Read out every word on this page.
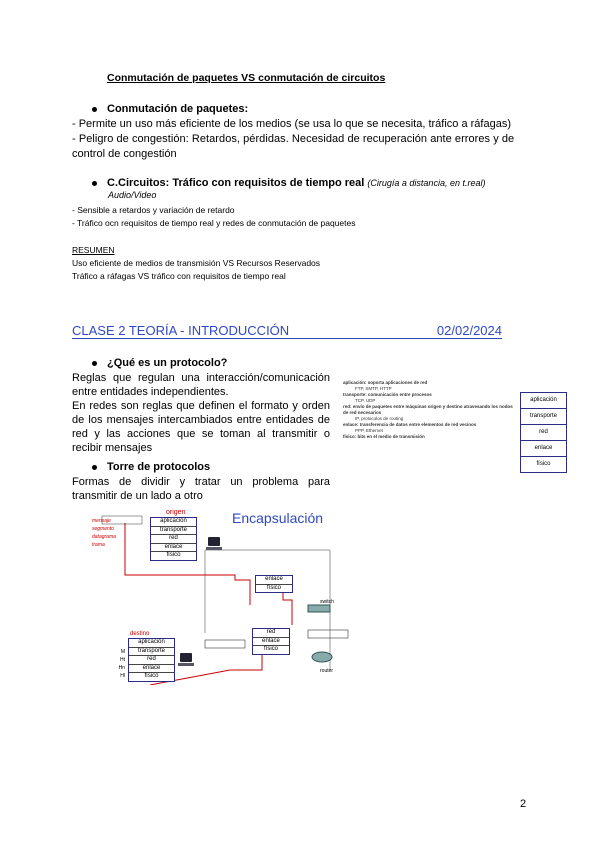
Conmutación de paquetes VS conmutación de circuitos
Conmutación de paquetes:
- Permite un uso más eficiente de los medios (se usa lo que se necesita, tráfico a ráfagas)
- Peligro de congestión: Retardos, pérdidas. Necesidad de recuperación ante errores y de
control de congestión
C.Circuitos: Tráfico con requisitos de tiempo real (Cirugía a distancia, en t.real)
Audio/Video
- Sensible a retardos y variación de retardo
- Tráfico ocn requisitos de tiempo real y redes de conmutación de paquetes
RESUMEN
Uso eficiente de medios de transmisión VS Recursos Reservados
Tráfico a ráfagas VS tráfico con requisitos de tiempo real
CLASE 2 TEORÍA - INTRODUCCIÓN	02/02/2024
¿Qué es un protocolo?
Reglas que regulan una interacción/comunicación entre entidades independientes.
En redes son reglas que definen el formato y orden de los mensajes intercambiados entre entidades de red y las acciones que se toman al transmitir o recibir mensajes
Torre de protocolos
Formas de dividir y tratar un problema para transmitir de un lado a otro
aplicación: soporta aplicaciones de red
FTP, SMTP, HTTP
transporte: comunicación entre procesos
TCP, UDP
red: envío de paquetes entre máquinas origen y destino atravesando los nodos de red necesarios
IP, protocolos de routing
enlace: transferencia de datos entre elementos de red vecinos
PPP, Ethernet
físico: bits en el medio de transmisión
aplicación
transporte
red
enlace
físico
Encapsulación
origen
aplicación
transporte
red
enlace
físico
mensaje
segmento
datagrama
trama
enlace
físico
switch
red
enlace
físico
router
destino
aplicación
transporte
red
enlace
físico
M
Ht
Hn
Hl
2
